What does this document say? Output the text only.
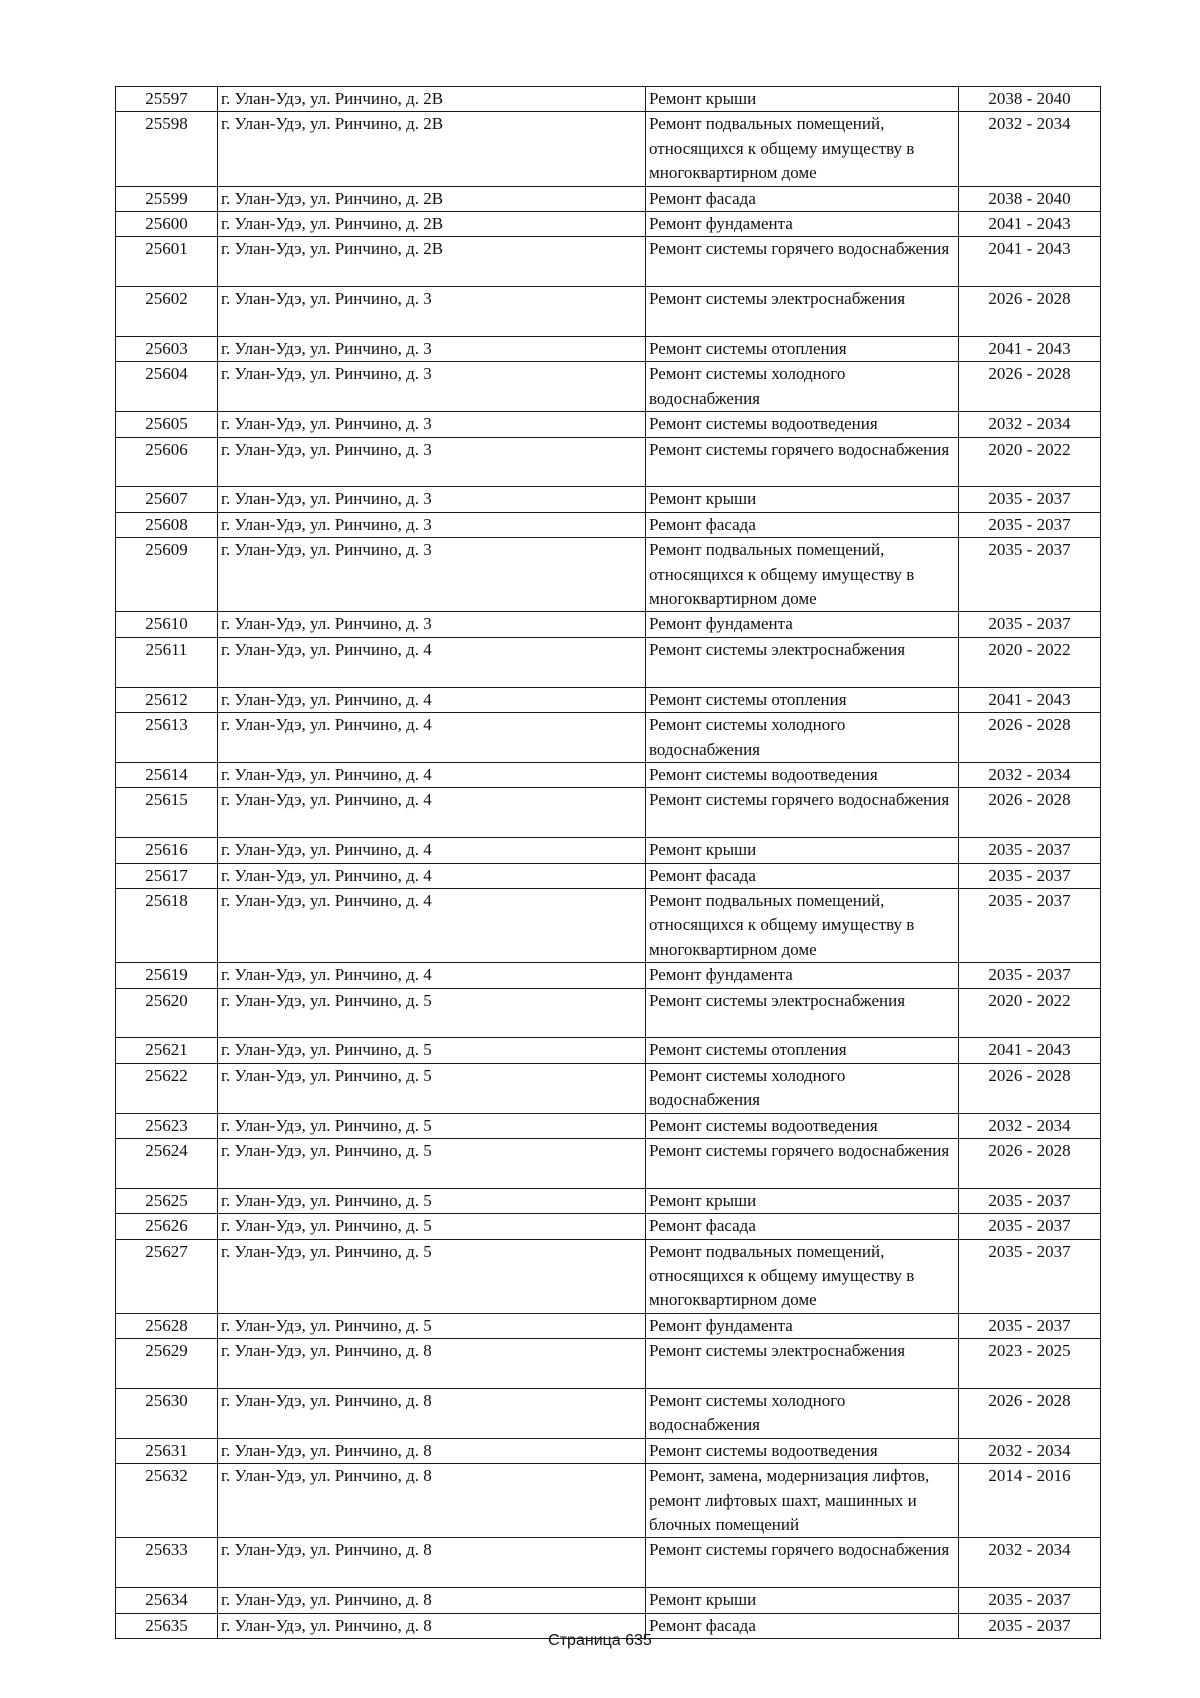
25597	г. Улан-Удэ, ул. Ринчино, д. 2В	Ремонт крыши	2038 - 2040
25598	г. Улан-Удэ, ул. Ринчино, д. 2В	Ремонт подвальных помещений, относящихся к общему имуществу в многоквартирном доме	2032 - 2034
25599	г. Улан-Удэ, ул. Ринчино, д. 2В	Ремонт фасада	2038 - 2040
25600	г. Улан-Удэ, ул. Ринчино, д. 2В	Ремонт фундамента	2041 - 2043
25601	г. Улан-Удэ, ул. Ринчино, д. 2В	Ремонт системы горячего водоснабжения	2041 - 2043
25602	г. Улан-Удэ, ул. Ринчино, д. 3	Ремонт системы электроснабжения	2026 - 2028
25603	г. Улан-Удэ, ул. Ринчино, д. 3	Ремонт системы отопления	2041 - 2043
25604	г. Улан-Удэ, ул. Ринчино, д. 3	Ремонт системы холодного водоснабжения	2026 - 2028
25605	г. Улан-Удэ, ул. Ринчино, д. 3	Ремонт системы водоотведения	2032 - 2034
25606	г. Улан-Удэ, ул. Ринчино, д. 3	Ремонт системы горячего водоснабжения	2020 - 2022
25607	г. Улан-Удэ, ул. Ринчино, д. 3	Ремонт крыши	2035 - 2037
25608	г. Улан-Удэ, ул. Ринчино, д. 3	Ремонт фасада	2035 - 2037
25609	г. Улан-Удэ, ул. Ринчино, д. 3	Ремонт подвальных помещений, относящихся к общему имуществу в многоквартирном доме	2035 - 2037
25610	г. Улан-Удэ, ул. Ринчино, д. 3	Ремонт фундамента	2035 - 2037
25611	г. Улан-Удэ, ул. Ринчино, д. 4	Ремонт системы электроснабжения	2020 - 2022
25612	г. Улан-Удэ, ул. Ринчино, д. 4	Ремонт системы отопления	2041 - 2043
25613	г. Улан-Удэ, ул. Ринчино, д. 4	Ремонт системы холодного водоснабжения	2026 - 2028
25614	г. Улан-Удэ, ул. Ринчино, д. 4	Ремонт системы водоотведения	2032 - 2034
25615	г. Улан-Удэ, ул. Ринчино, д. 4	Ремонт системы горячего водоснабжения	2026 - 2028
25616	г. Улан-Удэ, ул. Ринчино, д. 4	Ремонт крыши	2035 - 2037
25617	г. Улан-Удэ, ул. Ринчино, д. 4	Ремонт фасада	2035 - 2037
25618	г. Улан-Удэ, ул. Ринчино, д. 4	Ремонт подвальных помещений, относящихся к общему имуществу в многоквартирном доме	2035 - 2037
25619	г. Улан-Удэ, ул. Ринчино, д. 4	Ремонт фундамента	2035 - 2037
25620	г. Улан-Удэ, ул. Ринчино, д. 5	Ремонт системы электроснабжения	2020 - 2022
25621	г. Улан-Удэ, ул. Ринчино, д. 5	Ремонт системы отопления	2041 - 2043
25622	г. Улан-Удэ, ул. Ринчино, д. 5	Ремонт системы холодного водоснабжения	2026 - 2028
25623	г. Улан-Удэ, ул. Ринчино, д. 5	Ремонт системы водоотведения	2032 - 2034
25624	г. Улан-Удэ, ул. Ринчино, д. 5	Ремонт системы горячего водоснабжения	2026 - 2028
25625	г. Улан-Удэ, ул. Ринчино, д. 5	Ремонт крыши	2035 - 2037
25626	г. Улан-Удэ, ул. Ринчино, д. 5	Ремонт фасада	2035 - 2037
25627	г. Улан-Удэ, ул. Ринчино, д. 5	Ремонт подвальных помещений, относящихся к общему имуществу в многоквартирном доме	2035 - 2037
25628	г. Улан-Удэ, ул. Ринчино, д. 5	Ремонт фундамента	2035 - 2037
25629	г. Улан-Удэ, ул. Ринчино, д. 8	Ремонт системы электроснабжения	2023 - 2025
25630	г. Улан-Удэ, ул. Ринчино, д. 8	Ремонт системы холодного водоснабжения	2026 - 2028
25631	г. Улан-Удэ, ул. Ринчино, д. 8	Ремонт системы водоотведения	2032 - 2034
25632	г. Улан-Удэ, ул. Ринчино, д. 8	Ремонт, замена, модернизация лифтов, ремонт лифтовых шахт, машинных и блочных помещений	2014 - 2016
25633	г. Улан-Удэ, ул. Ринчино, д. 8	Ремонт системы горячего водоснабжения	2032 - 2034
25634	г. Улан-Удэ, ул. Ринчино, д. 8	Ремонт крыши	2035 - 2037
25635	г. Улан-Удэ, ул. Ринчино, д. 8	Ремонт фасада	2035 - 2037
Страница 635
